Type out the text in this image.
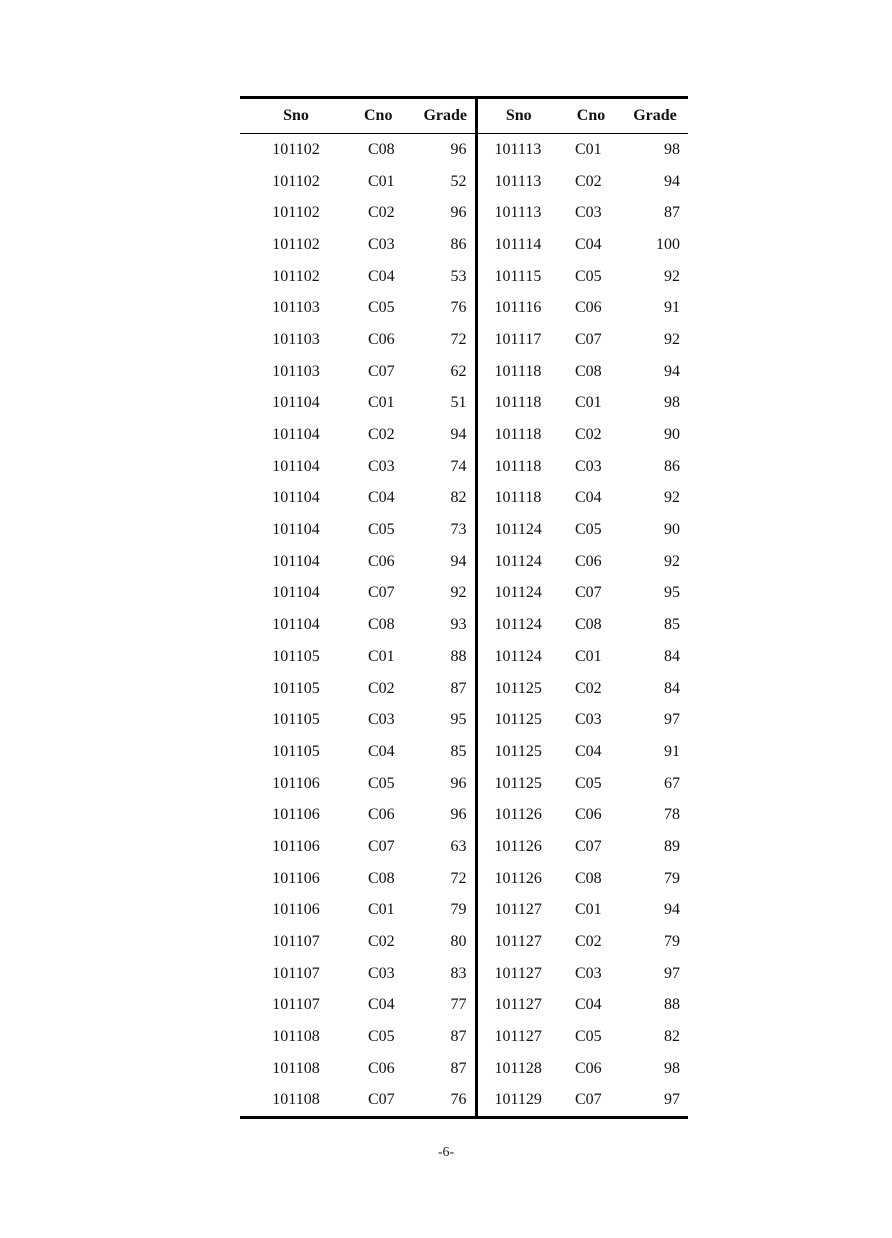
Sno	Cno	Grade	Sno	Cno	Grade
101102	C08	96	101113	C01	98
101102	C01	52	101113	C02	94
101102	C02	96	101113	C03	87
101102	C03	86	101114	C04	100
101102	C04	53	101115	C05	92
101103	C05	76	101116	C06	91
101103	C06	72	101117	C07	92
101103	C07	62	101118	C08	94
101104	C01	51	101118	C01	98
101104	C02	94	101118	C02	90
101104	C03	74	101118	C03	86
101104	C04	82	101118	C04	92
101104	C05	73	101124	C05	90
101104	C06	94	101124	C06	92
101104	C07	92	101124	C07	95
101104	C08	93	101124	C08	85
101105	C01	88	101124	C01	84
101105	C02	87	101125	C02	84
101105	C03	95	101125	C03	97
101105	C04	85	101125	C04	91
101106	C05	96	101125	C05	67
101106	C06	96	101126	C06	78
101106	C07	63	101126	C07	89
101106	C08	72	101126	C08	79
101106	C01	79	101127	C01	94
101107	C02	80	101127	C02	79
101107	C03	83	101127	C03	97
101107	C04	77	101127	C04	88
101108	C05	87	101127	C05	82
101108	C06	87	101128	C06	98
101108	C07	76	101129	C07	97
-6-
